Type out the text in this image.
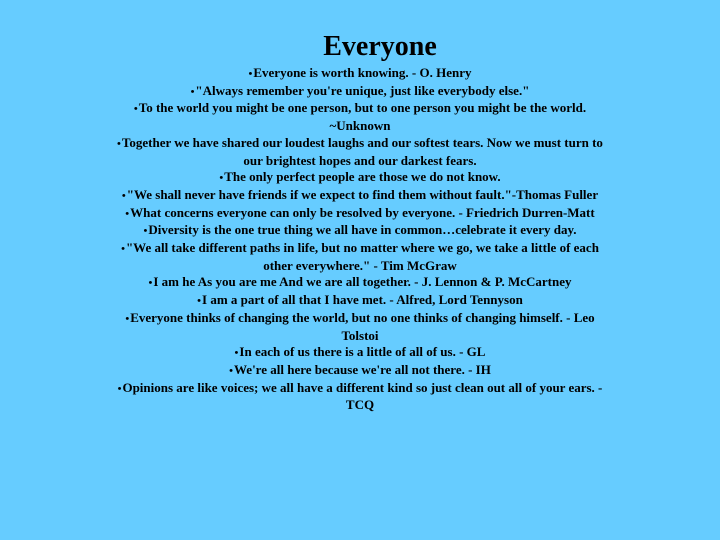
Everyone
•Everyone is worth knowing. - O. Henry
•"Always remember you're unique, just like everybody else."
•To the world you might be one person, but to one person you might be the world.
~Unknown
•Together we have shared our loudest laughs and our softest tears. Now we must turn to
our brightest hopes and our darkest fears.
•The only perfect people are those we do not know.
•"We shall never have friends if we expect to find them without fault."-Thomas Fuller
•What concerns everyone can only be resolved by everyone. - Friedrich Durren-Matt
•Diversity is the one true thing we all have in common…celebrate it every day.
•"We all take different paths in life, but no matter where we go, we take a little of each
other everywhere." - Tim McGraw
•I am he As you are me And we are all together. - J. Lennon & P. McCartney
•I am a part of all that I have met. - Alfred, Lord Tennyson
•Everyone thinks of changing the world, but no one thinks of changing himself. - Leo
Tolstoi
•In each of us there is a little of all of us. - GL
•We're all here because we're all not there. - IH
•Opinions are like voices; we all have a different kind so just clean out all of your ears. -
TCQ
